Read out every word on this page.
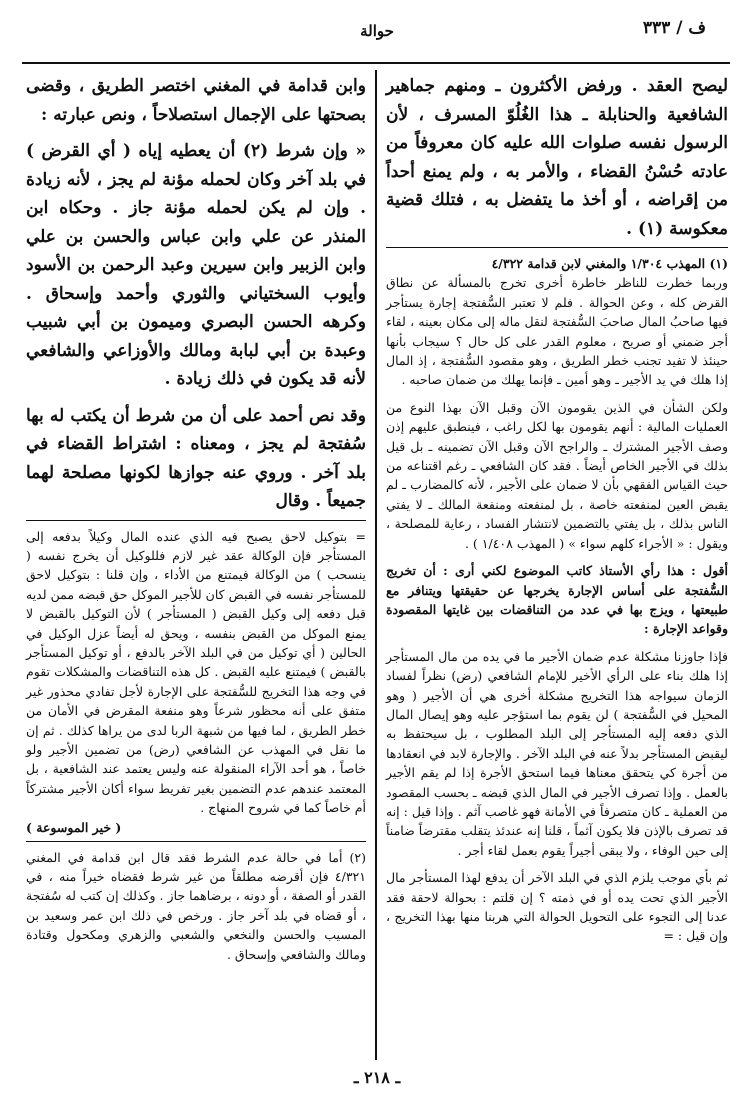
حوالة	ف / ٣٣٣

ليصح العقد . ورفض الأكثرون ـ ومنهم جماهير الشافعية والحنابلة ـ هذا الغُلُوّ المسرف ، لأن الرسول نفسه صلوات الله عليه كان معروفاً من عادته حُسْنُ القضاء ، والأمر به ، ولم يمنع أحداً من إقراضه ، أو أخذ ما يتفضل به ، فتلك قضية معكوسة (١) .

(١) المهذب ١/٣٠٤ والمغني لابن قدامة ٤/٣٢٢

وربما خطرت للناظر خاطرة أخرى تخرج بالمسألة عن نطاق القرض كله ، وعن الحوالة . فلم لا تعتبر السُّفتجة إجارة يستأجر فيها صاحبُ المال صاحبَ السُّفتجة لنقل ماله إلى مكان بعينه ، لقاء أجر ضمني أو صريح ، معلوم القدر على كل حال ؟ سيجاب بأنها حينئذ لا تفيد تجنب خطر الطريق ، وهو مقصود السُّفتجة ، إذ المال إذا هلك في يد الأجير ـ وهو أمين ـ فإنما يهلك من ضمان صاحبه .

ولكن الشأن في الذين يقومون الآن وقبل الآن بهذا النوع من العمليات المالية : أنهم يقومون بها لكل راغب ، فينطبق عليهم إذن وصف الأجير المشترك ـ والراجح الآن وقبل الآن تضمينه ـ بل قيل بذلك في الأجير الخاص أيضاً . فقد كان الشافعي ـ رغم اقتناعه من حيث القياس الفقهي بأن لا ضمان على الأجير ، لأنه كالمضارب ـ لم يقبض العين لمنفعته خاصة ، بل لمنفعته ومنفعة المالك ـ لا يفتي الناس بذلك ، بل يفتي بالتضمين لانتشار الفساد ، رعاية للمصلحة ، ويقول : « الأجراء كلهم سواء » ( المهذب ١/٤٠٨ ) .

أقول : هذا رأي الأستاذ كاتب الموضوع لكني أرى : أن تخريج السُّفتجة على أساس الإجارة يخرجها عن حقيقتها ويتنافر مع طبيعتها ، ويزج بها في عدد من التناقضات بين غايتها المقصودة وقواعد الإجارة :

فإذا جاوزنا مشكلة عدم ضمان الأجير ما في يده من مال المستأجر إذا هلك بناء على الرأي الأخير للإمام الشافعي (رض) نظراً لفساد الزمان سيواجه هذا التخريج مشكلة أخرى هي أن الأجير ( وهو المحيل في السُّفتجة ) لن يقوم بما استؤجر عليه وهو إيصال المال الذي دفعه إليه المستأجر إلى البلد المطلوب ، بل سيحتفظ به ليقبض المستأجر بدلاً عنه في البلد الآخر . والإجارة لابد في انعقادها من أجرة كي يتحقق معناها فيما استحق الأجرة إذا لم يقم الأجير بالعمل . وإذا تصرف الأجير في المال الذي قبضه ـ بحسب المقصود من العملية ـ كان متصرفاً في الأمانة فهو غاصب آثم . وإذا قيل : إنه قد تصرف بالإذن فلا يكون آثماً ، قلنا إنه عندئذ يتقلب مقترضاً ضامناً إلى حين الوفاء ، ولا يبقى أجيراً يقوم بعمل لقاء أجر .

ثم بأي موجب يلزم الذي في البلد الآخر أن يدفع لهذا المستأجر مال الأجير الذي تحت يده أو في ذمته ؟ إن قلتم : بحوالة لاحقة فقد عدنا إلى التجوء على التحويل الحوالة التي هربنا منها بهذا التخريج ، وإن قيل : =

وابن قدامة في المغني اختصر الطريق ، وقضى بصحتها على الإجمال استصلاحاً ، ونص عبارته :

« وإن شرط (٢) أن يعطيه إياه ( أي القرض ) في بلد آخر وكان لحمله مؤنة لم يجز ، لأنه زيادة . وإن لم يكن لحمله مؤنة جاز . وحكاه ابن المنذر عن علي وابن عباس والحسن بن علي وابن الزبير وابن سيرين وعبد الرحمن بن الأسود وأيوب السختياني والثوري وأحمد وإسحاق . وكرهه الحسن البصري وميمون بن أبي شبيب وعبدة بن أبي لبابة ومالك والأوزاعي والشافعي لأنه قد يكون في ذلك زيادة .

وقد نص أحمد على أن من شرط أن يكتب له بها سُفتجة لم يجز ، ومعناه : اشتراط القضاء في بلد آخر . وروي عنه جوازها لكونها مصلحة لهما جميعاً . وقال

= بتوكيل لاحق يصبح فيه الذي عنده المال وكيلاً بدفعه إلى المستأجر فإن الوكالة عقد غير لازم فللوكيل أن يخرج نفسه ( ينسحب ) من الوكالة فيمتنع من الأداء ، وإن قلنا : بتوكيل لاحق للمستأجر نفسه في القبض كان للأجير الموكل حق قبضه ممن لديه قبل دفعه إلى وكيل القبض ( المستأجر ) لأن التوكيل بالقبض لا يمنع الموكل من القبض بنفسه ، ويحق له أيضاً عزل الوكيل في الحالين ( أي توكيل من في البلد الآخر بالدفع ، أو توكيل المستأجر بالقبض ) فيمتنع عليه القبض . كل هذه التناقضات والمشكلات تقوم في وجه هذا التخريج للسُّفتجة على الإجارة لأجل تفادي محذور غير متفق على أنه محظور شرعاً وهو منفعة المقرض في الأمان من خطر الطريق ، لما فيها من شبهة الربا لدى من يراها كذلك . ثم إن ما نقل في المهذب عن الشافعي (رض) من تضمين الأجير ولو خاصاً ، هو أحد الآراء المنقولة عنه وليس يعتمد عند الشافعية ، بل المعتمد عندهم عدم التضمين بغير تفريط سواء أكان الأجير مشتركاً أم خاصاً كما في شروح المنهاج .

( خير الموسوعة )

(٢) أما في حالة عدم الشرط فقد قال ابن قدامة في المغني ٤/٣٢١ فإن أقرضه مطلقاً من غير شرط فقضاه خيراً منه ، في القدر أو الصفة ، أو دونه ، برضاهما جاز . وكذلك إن كتب له سُفتجة ، أو قضاه في بلد آخر جاز . ورخص في ذلك ابن عمر وسعيد بن المسيب والحسن والنخعي والشعبي والزهري ومكحول وقتادة ومالك والشافعي وإسحاق .

ـ ٢١٨ ـ
